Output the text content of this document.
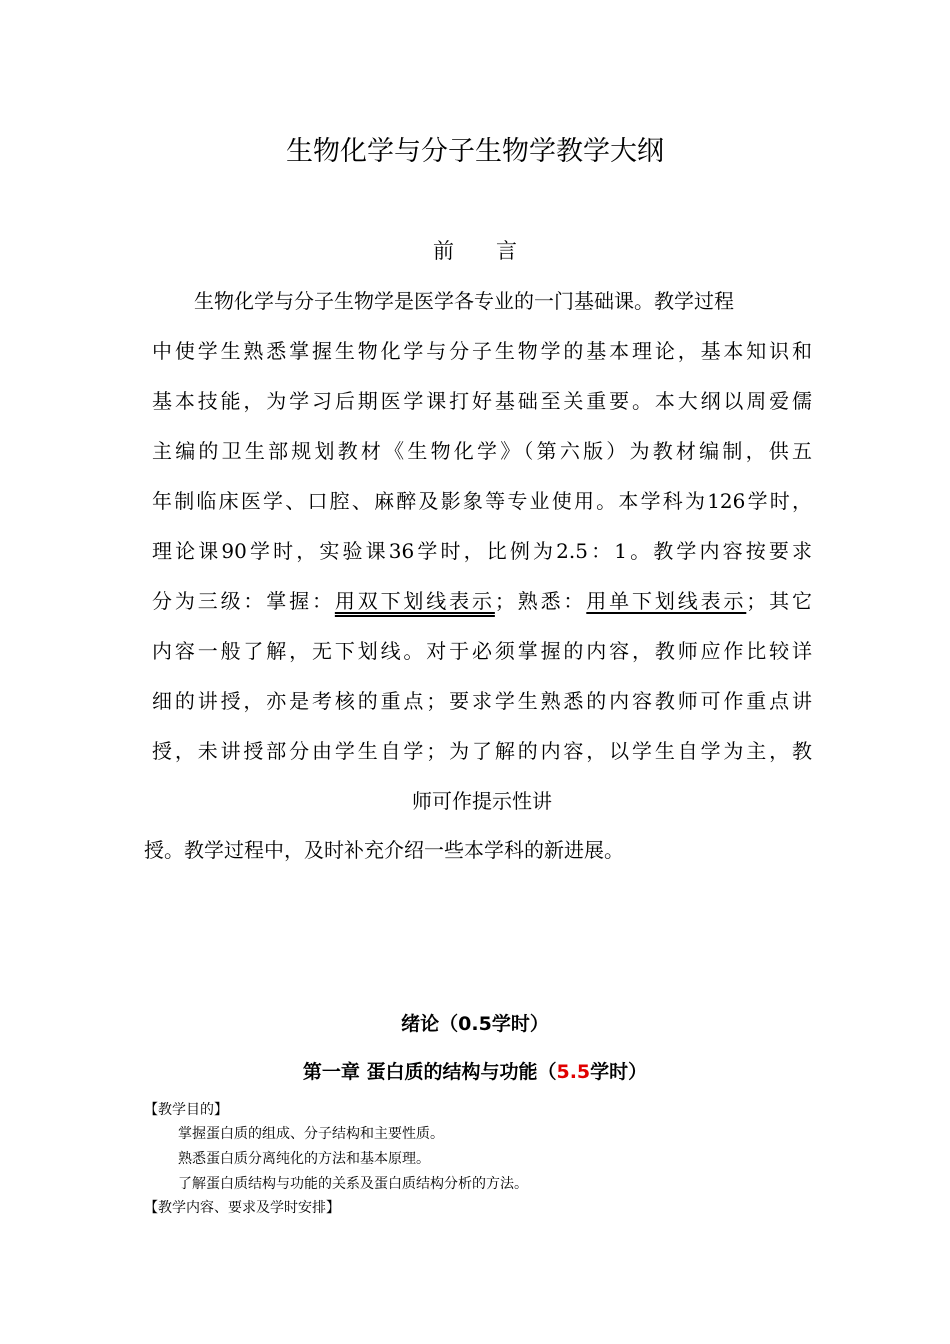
生物化学与分子生物学教学大纲
前 言
生物化学与分子生物学是医学各专业的一门基础课。教学过程
中使学生熟悉掌握生物化学与分子生物学的基本理论，基本知识和
基本技能，为学习后期医学课打好基础至关重要。本大纲以周爱儒
主编的卫生部规划教材《生物化学》（第六版）为教材编制，供五
年制临床医学、口腔、麻醉及影象等专业使用。本学科为126学时，
理论课90学时，实验课36学时，比例为2.5：1。教学内容按要求
分为三级：掌握：用双下划线表示；熟悉：用单下划线表示；其它
内容一般了解，无下划线。对于必须掌握的内容，教师应作比较详
细的讲授，亦是考核的重点；要求学生熟悉的内容教师可作重点讲
授，未讲授部分由学生自学；为了解的内容，以学生自学为主，教
师可作提示性讲
授。教学过程中，及时补充介绍一些本学科的新进展。
绪论（0.5学时）
第一章 蛋白质的结构与功能（5.5学时）
【教学目的】
掌握蛋白质的组成、分子结构和主要性质。
熟悉蛋白质分离纯化的方法和基本原理。
了解蛋白质结构与功能的关系及蛋白质结构分析的方法。
【教学内容、要求及学时安排】
